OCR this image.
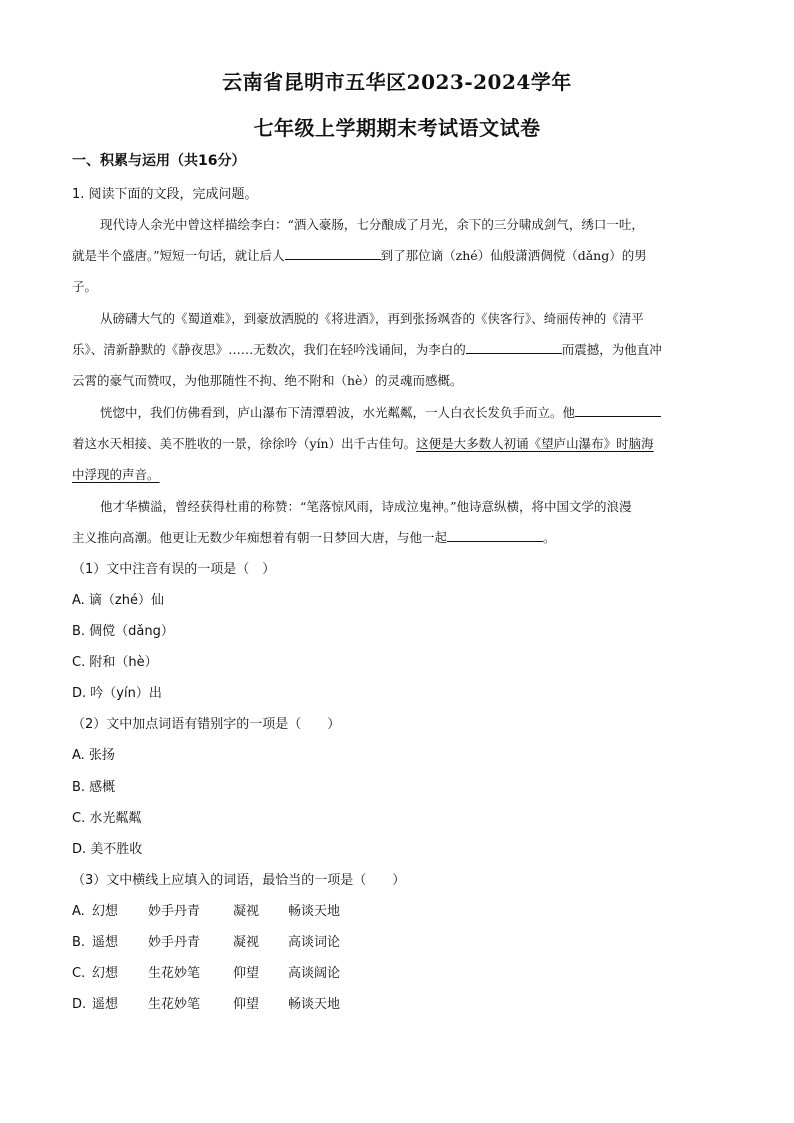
云南省昆明市五华区2023-2024学年
七年级上学期期末考试语文试卷
一、积累与运用（共16分）
1. 阅读下面的文段，完成问题。
现代诗人余光中曾这样描绘李白：“酒入豪肠，七分酿成了月光，余下的三分啸成剑气，绣口一吐，
就是半个盛唐。”短短一句话，就让后人	到了那位谪（zhé）仙般潇洒倜傥（dǎng）的男
子。
从磅礴大气的《蜀道难》，到豪放洒脱的《将进酒》，再到张扬飒沓的《侠客行》、绮丽传神的《清平
乐》、清新静默的《静夜思》……无数次，我们在轻吟浅诵间，为李白的	而震撼，为他直冲
云霄的豪气而赞叹，为他那随性不拘、绝不附和（hè）的灵魂而感概。
恍惚中，我们仿佛看到，庐山瀑布下清潭碧波，水光粼粼，一人白衣长发负手而立。他
着这水天相接、美不胜收的一景，徐徐吟（yín）出千古佳句。这便是大多数人初诵《望庐山瀑布》时脑海
中浮现的声音。
他才华横溢，曾经获得杜甫的称赞：“笔落惊风雨，诗成泣鬼神。”他诗意纵横，将中国文学的浪漫
主义推向高潮。他更让无数少年痴想着有朝一日梦回大唐，与他一起	。
（1）文中注音有误的一项是（　）
A. 谪（zhé）仙
B. 倜傥（dǎng）
C. 附和（hè）
D. 吟（yín）出
（2）文中加点词语有错别字的一项是（　　）
A. 张扬
B. 感概
C. 水光粼粼
D. 美不胜收
（3）文中横线上应填入的词语，最恰当的一项是（　　）
A. 幻想 妙手丹青	凝视 畅谈天地
B. 遥想 妙手丹青	凝视 高谈词论
C. 幻想 生花妙笔	仰望 高谈阔论
D. 遥想 生花妙笔	仰望 畅谈天地
